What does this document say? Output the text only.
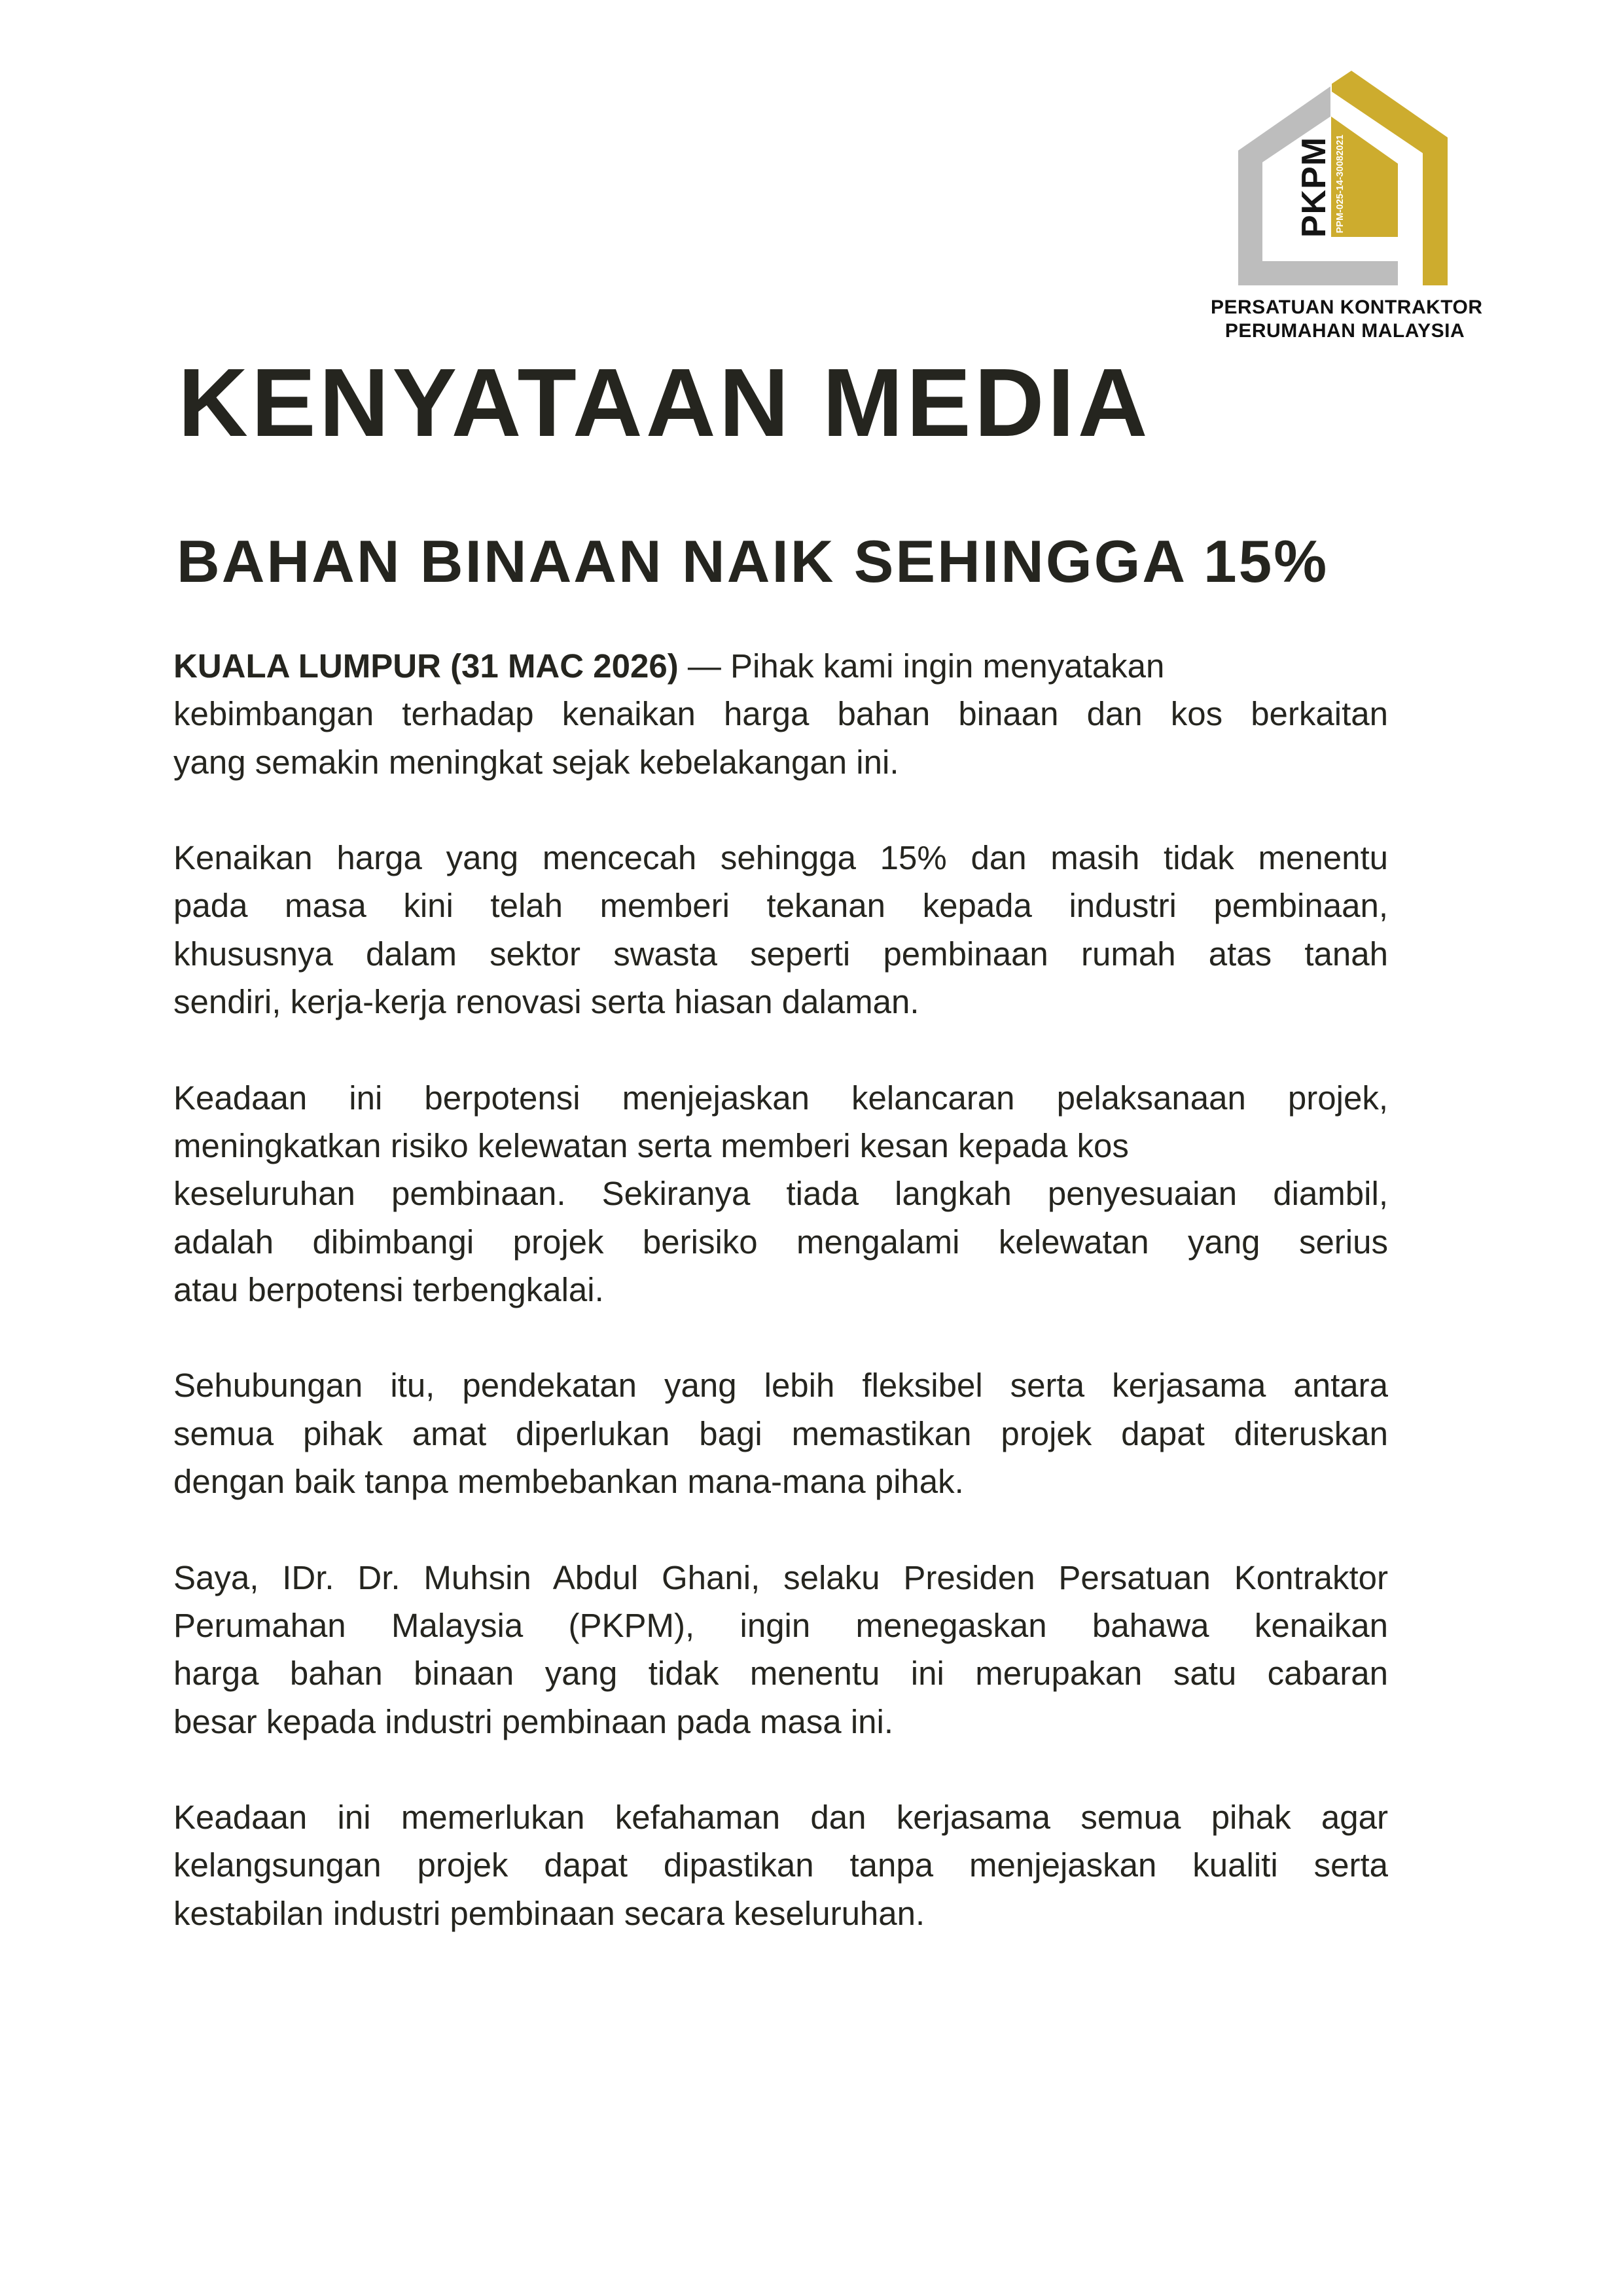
PKPM PPM-025-14-30082021
PERSATUAN KONTRAKTOR
PERUMAHAN MALAYSIA
KENYATAAN MEDIA
BAHAN BINAAN NAIK SEHINGGA 15%

KUALA LUMPUR (31 MAC 2026) — Pihak kami ingin menyatakan
kebimbangan terhadap kenaikan harga bahan binaan dan kos berkaitan
yang semakin meningkat sejak kebelakangan ini.

Kenaikan harga yang mencecah sehingga 15% dan masih tidak menentu
pada masa kini telah memberi tekanan kepada industri pembinaan,
khususnya dalam sektor swasta seperti pembinaan rumah atas tanah
sendiri, kerja-kerja renovasi serta hiasan dalaman.

Keadaan ini berpotensi menjejaskan kelancaran pelaksanaan projek,
meningkatkan risiko kelewatan serta memberi kesan kepada kos
keseluruhan pembinaan. Sekiranya tiada langkah penyesuaian diambil,
adalah dibimbangi projek berisiko mengalami kelewatan yang serius
atau berpotensi terbengkalai.

Sehubungan itu, pendekatan yang lebih fleksibel serta kerjasama antara
semua pihak amat diperlukan bagi memastikan projek dapat diteruskan
dengan baik tanpa membebankan mana-mana pihak.

Saya, IDr. Dr. Muhsin Abdul Ghani, selaku Presiden Persatuan Kontraktor
Perumahan Malaysia (PKPM), ingin menegaskan bahawa kenaikan
harga bahan binaan yang tidak menentu ini merupakan satu cabaran
besar kepada industri pembinaan pada masa ini.

Keadaan ini memerlukan kefahaman dan kerjasama semua pihak agar
kelangsungan projek dapat dipastikan tanpa menjejaskan kualiti serta
kestabilan industri pembinaan secara keseluruhan.
